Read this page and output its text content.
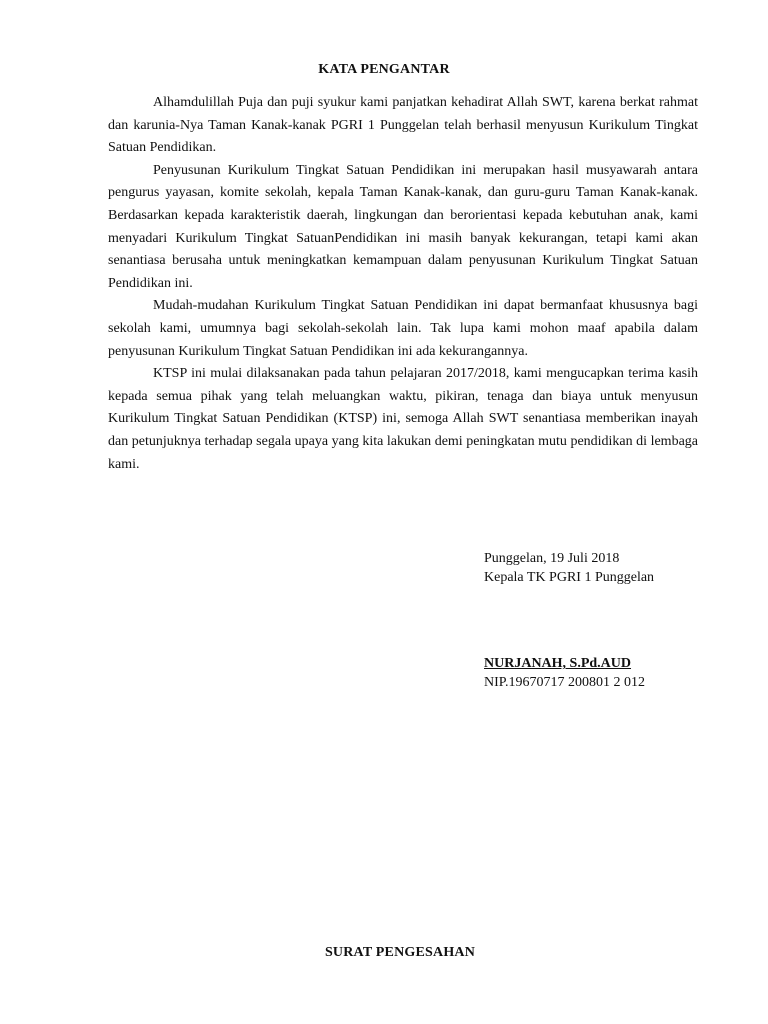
KATA PENGANTAR

Alhamdulillah Puja dan puji syukur kami panjatkan kehadirat Allah SWT, karena berkat rahmat dan karunia-Nya Taman Kanak-kanak PGRI 1 Punggelan telah berhasil menyusun Kurikulum Tingkat Satuan Pendidikan.

Penyusunan Kurikulum Tingkat Satuan Pendidikan ini merupakan hasil musyawarah antara pengurus yayasan, komite sekolah, kepala Taman Kanak-kanak, dan guru-guru Taman Kanak-kanak. Berdasarkan kepada karakteristik daerah, lingkungan dan berorientasi kepada kebutuhan anak, kami menyadari Kurikulum Tingkat SatuanPendidikan ini masih banyak kekurangan, tetapi kami akan senantiasa berusaha untuk meningkatkan kemampuan dalam penyusunan Kurikulum Tingkat Satuan Pendidikan ini.

Mudah-mudahan Kurikulum Tingkat Satuan Pendidikan ini dapat bermanfaat khususnya bagi sekolah kami, umumnya bagi sekolah-sekolah lain. Tak lupa kami mohon maaf apabila dalam penyusunan Kurikulum Tingkat Satuan Pendidikan ini ada kekurangannya.

KTSP ini mulai dilaksanakan pada tahun pelajaran 2017/2018, kami mengucapkan terima kasih kepada semua pihak yang telah meluangkan waktu, pikiran, tenaga dan biaya untuk menyusun Kurikulum Tingkat Satuan Pendidikan (KTSP) ini, semoga Allah SWT senantiasa memberikan inayah dan petunjuknya terhadap segala upaya yang kita lakukan demi peningkatan mutu pendidikan di lembaga kami.

Punggelan, 19 Juli 2018
Kepala TK PGRI 1 Punggelan
NURJANAH, S.Pd.AUD
NIP.19670717 200801 2 012
SURAT PENGESAHAN
